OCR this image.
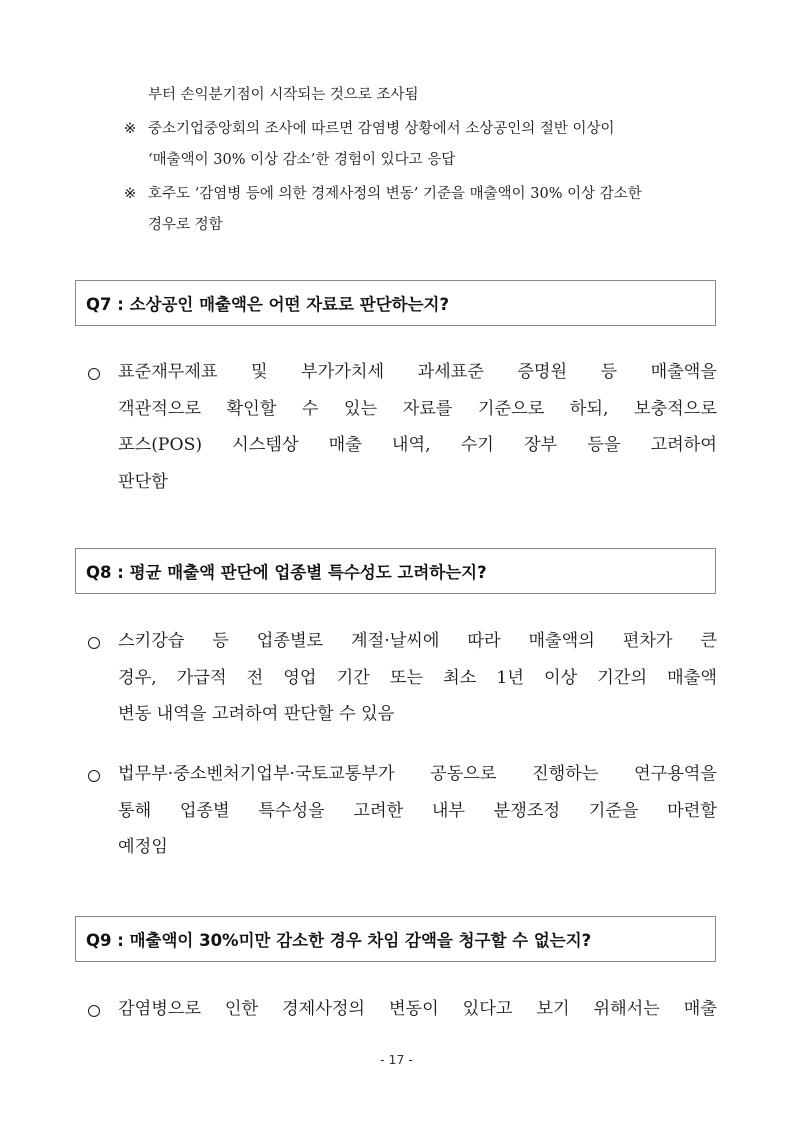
부터 손익분기점이 시작되는 것으로 조사됨
※ 중소기업중앙회의 조사에 따르면 감염병 상황에서 소상공인의 절반 이상이
‘매출액이 30% 이상 감소’한 경험이 있다고 응답
※ 호주도 ‘감염병 등에 의한 경제사정의 변동’ 기준을 매출액이 30% 이상 감소한
경우로 정함
Q7 : 소상공인 매출액은 어떤 자료로 판단하는지?
표준재무제표 및 부가가치세 과세표준 증명원 등 매출액을
객관적으로 확인할 수 있는 자료를 기준으로 하되, 보충적으로
포스(POS) 시스템상 매출 내역, 수기 장부 등을 고려하여
판단함
Q8 : 평균 매출액 판단에 업종별 특수성도 고려하는지?
스키강습 등 업종별로 계절·날씨에 따라 매출액의 편차가 큰
경우, 가급적 전 영업 기간 또는 최소 1년 이상 기간의 매출액
변동 내역을 고려하여 판단할 수 있음
법무부·중소벤처기업부·국토교통부가 공동으로 진행하는 연구용역을
통해 업종별 특수성을 고려한 내부 분쟁조정 기준을 마련할
예정임
Q9 : 매출액이 30%미만 감소한 경우 차임 감액을 청구할 수 없는지?
감염병으로 인한 경제사정의 변동이 있다고 보기 위해서는 매출
- 17 -
